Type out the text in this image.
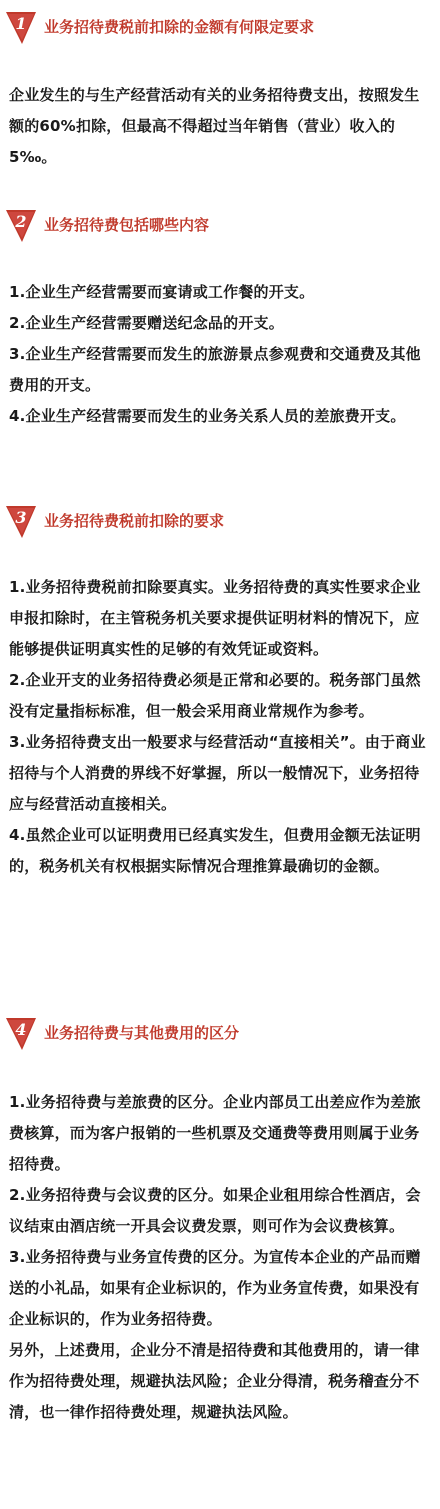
1 业务招待费税前扣除的金额有何限定要求

企业发生的与生产经营活动有关的业务招待费支出，按照发生额的60%扣除，但最高不得超过当年销售（营业）收入的5‰。

2 业务招待费包括哪些内容

1.企业生产经营需要而宴请或工作餐的开支。

2.企业生产经营需要赠送纪念品的开支。

3.企业生产经营需要而发生的旅游景点参观费和交通费及其他费用的开支。

4.企业生产经营需要而发生的业务关系人员的差旅费开支。

3 业务招待费税前扣除的要求

1.业务招待费税前扣除要真实。业务招待费的真实性要求企业申报扣除时，在主管税务机关要求提供证明材料的情况下，应能够提供证明真实性的足够的有效凭证或资料。

2.企业开支的业务招待费必须是正常和必要的。税务部门虽然没有定量指标标准，但一般会采用商业常规作为参考。

3.业务招待费支出一般要求与经营活动“直接相关”。由于商业招待与个人消费的界线不好掌握，所以一般情况下，业务招待应与经营活动直接相关。

4.虽然企业可以证明费用已经真实发生，但费用金额无法证明的，税务机关有权根据实际情况合理推算最确切的金额。

4 业务招待费与其他费用的区分

1.业务招待费与差旅费的区分。企业内部员工出差应作为差旅费核算，而为客户报销的一些机票及交通费等费用则属于业务招待费。

2.业务招待费与会议费的区分。如果企业租用综合性酒店，会议结束由酒店统一开具会议费发票，则可作为会议费核算。

3.业务招待费与业务宣传费的区分。为宣传本企业的产品而赠送的小礼品，如果有企业标识的，作为业务宣传费，如果没有企业标识的，作为业务招待费。

另外，上述费用，企业分不清是招待费和其他费用的，请一律作为招待费处理，规避执法风险；企业分得清，税务稽查分不清，也一律作招待费处理，规避执法风险。
